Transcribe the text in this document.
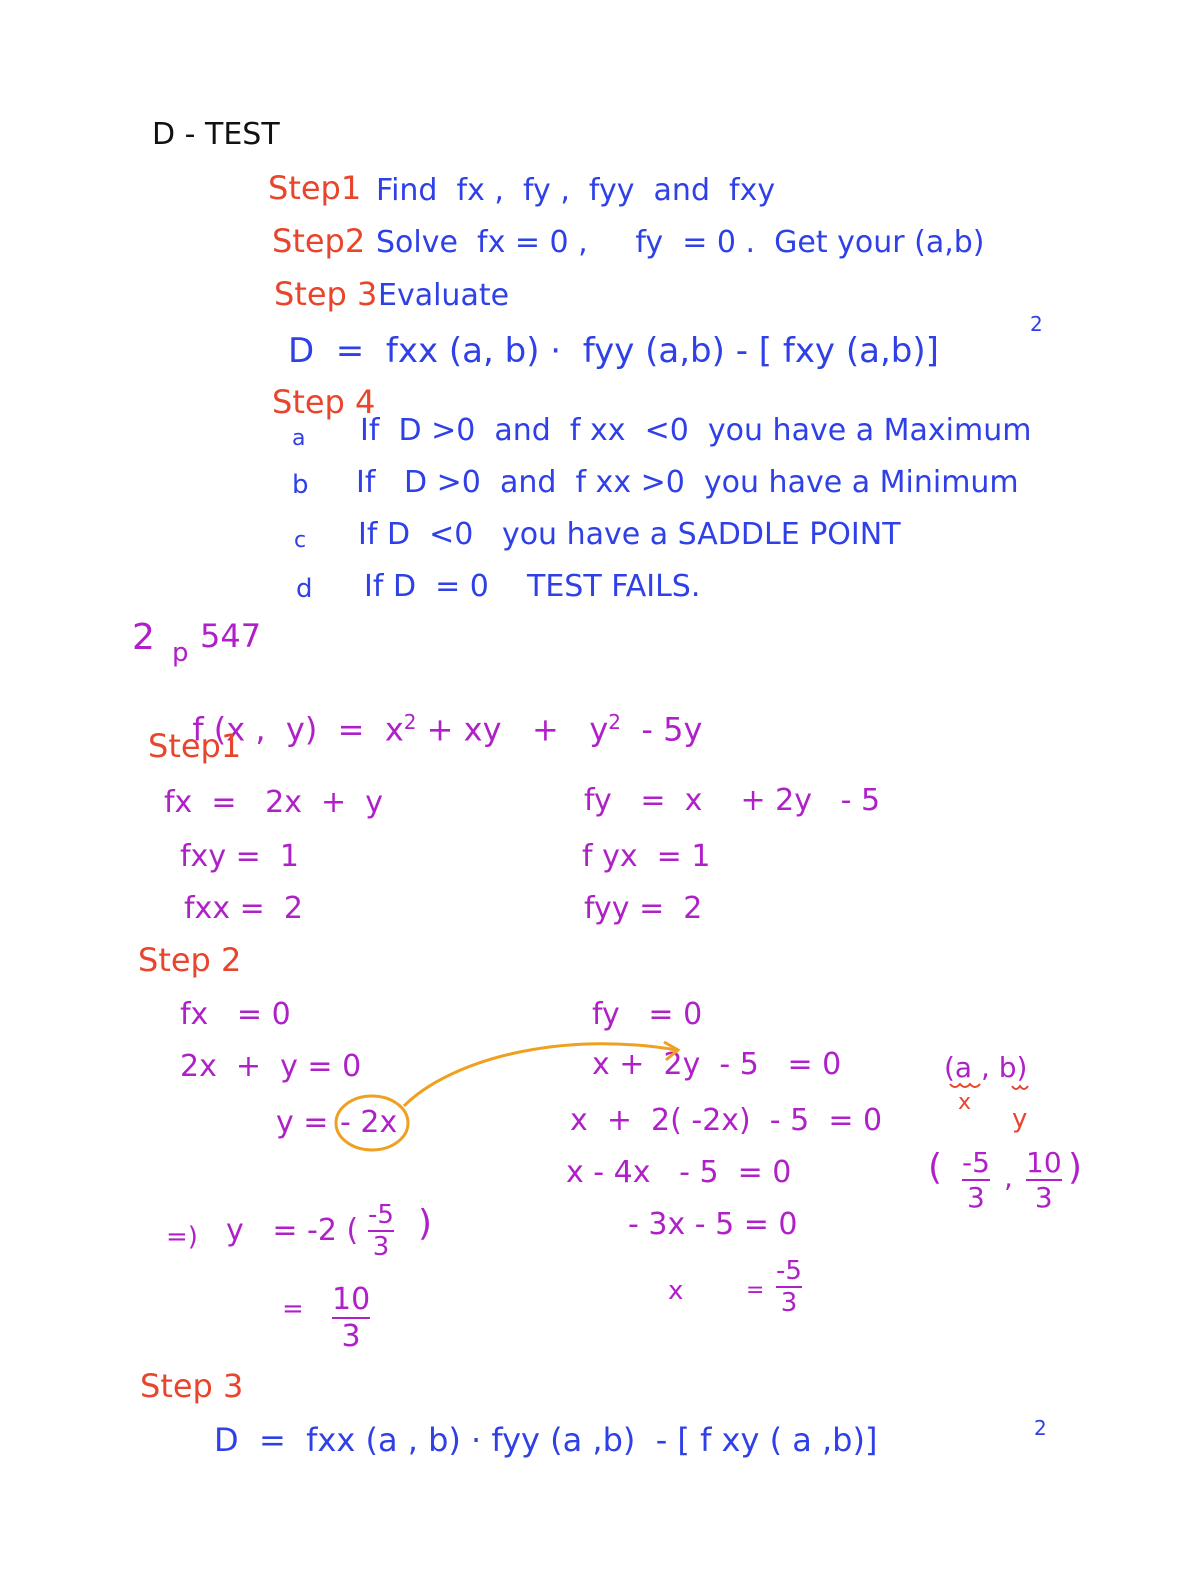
D - TEST
Step1 Find  fx ,  fy ,  fyy  and  fxy
Step2 Solve  fx = 0 ,     fy  = 0 .  Get your (a,b)
Step 3 Evaluate
D  =  fxx (a, b) ·  fyy (a,b) - [ fxy (a,b)]
2
Step 4
a If  D >0  and  f xx  <0  you have a Maximum
b If   D >0  and  f xx >0  you have a Minimum
c If D  <0   you have a SADDLE POINT
d If D  = 0    TEST FAILS.
2 p 547

f (x ,  $y) = x^2$ + xy   +   $y^2 - 5y$

Step1
fx  =   2x  +  y
fxy =  1
fxx =  2
fy   =  x    + 2y   - 5
f yx  = 1
fyy =  2
Step 2
fx   = 0
2x  +  y = 0
y = - 2x
=) y   = -2 ( -5
3
)
= 10
3
fy   = 0
x +  2y  - 5   = 0
x  +  2( -2x)  - 5  = 0
x - 4x   - 5  = 0
- 3x - 5 = 0
x	=
-5
3
(a , b)
x
y
( -5
3
, 10
3
)
Step 3
D  =  fxx (a , b) · fyy (a ,b)  - [ f xy ( a ,b)]	2
